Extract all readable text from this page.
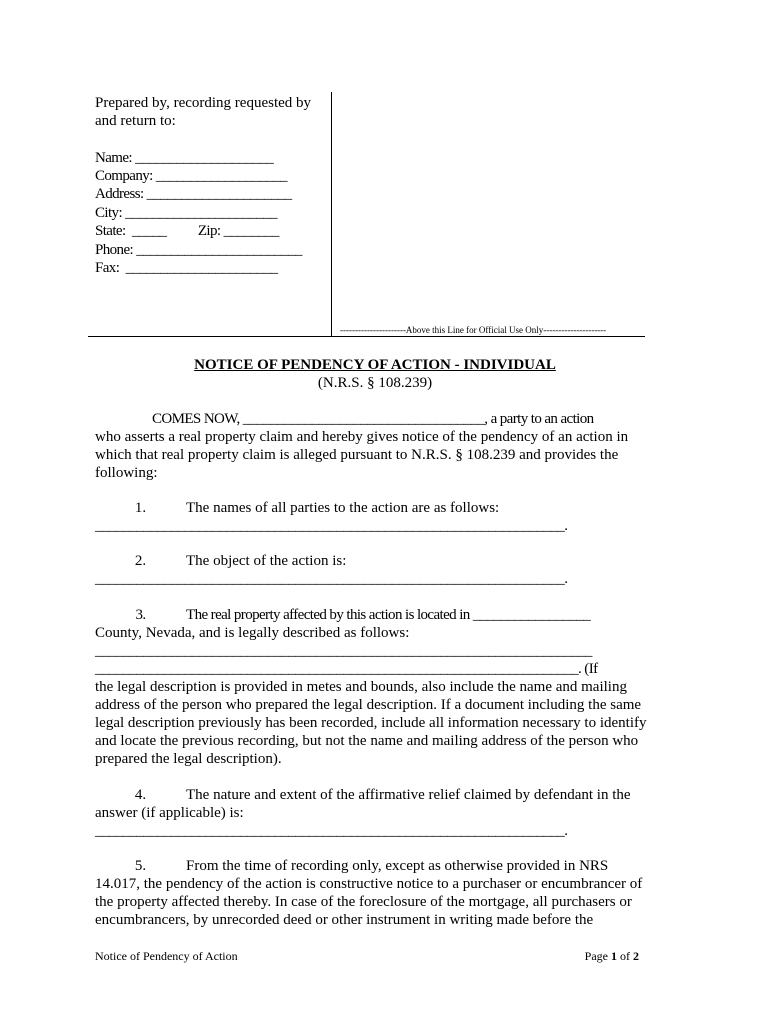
Prepared by, recording requested by
and return to:
Name: ____________________
Company: ___________________
Address: _____________________
City: ______________________
State:  _____          Zip: ________
Phone: ________________________
Fax:  ______________________
----------------------Above this Line for Official Use Only---------------------
NOTICE OF PENDENCY OF ACTION - INDIVIDUAL
(N.R.S. § 108.239)
COMES NOW, ___________________________________, a party to an action
who asserts a real property claim and hereby gives notice of the pendency of an action in
which that real property claim is alleged pursuant to N.R.S. § 108.239 and provides the
following:
1.	The names of all parties to the action are as follows:
____________________________________________________________________.
2.	The object of the action is:
____________________________________________________________________.
3.	The real property affected by this action is located in _________________
County, Nevada, and is legally described as follows:
________________________________________________________________________
______________________________________________________________________. (If
the legal description is provided in metes and bounds, also include the name and mailing
address of the person who prepared the legal description. If a document including the same
legal description previously has been recorded, include all information necessary to identify
and locate the previous recording, but not the name and mailing address of the person who
prepared the legal description).
4.	The nature and extent of the affirmative relief claimed by defendant in the
answer (if applicable) is:
____________________________________________________________________.
5.	From the time of recording only, except as otherwise provided in NRS
14.017, the pendency of the action is constructive notice to a purchaser or encumbrancer of
the property affected thereby. In case of the foreclosure of the mortgage, all purchasers or
encumbrancers, by unrecorded deed or other instrument in writing made before the
Notice of Pendency of Action	Page 1 of 2
